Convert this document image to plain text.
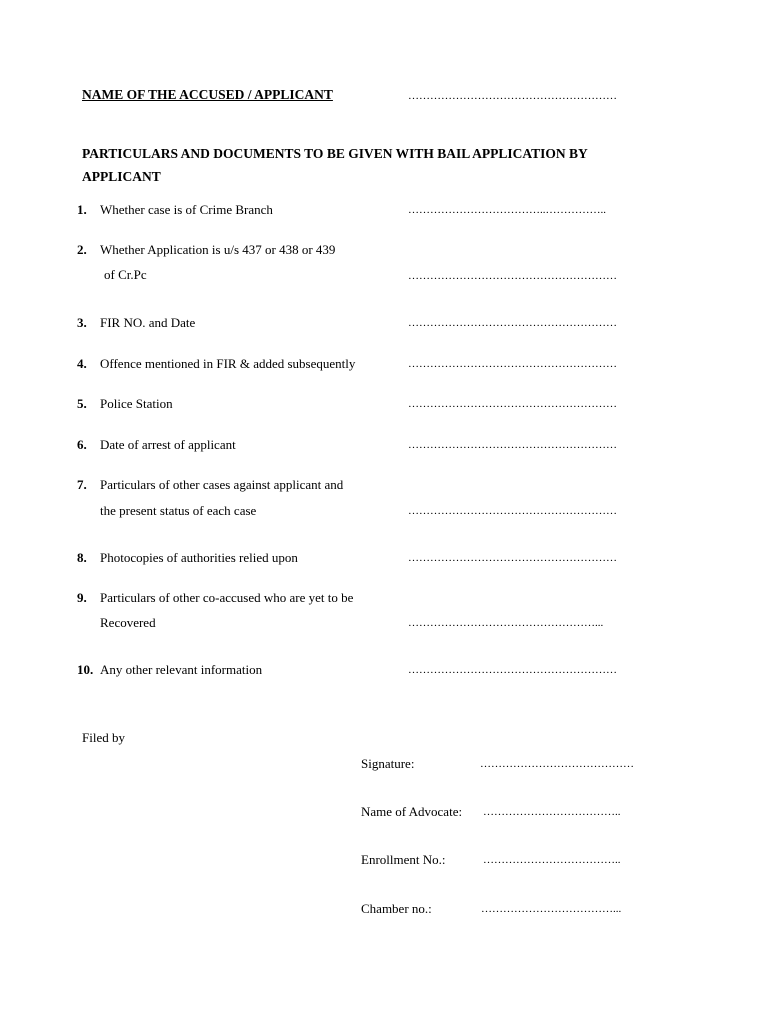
NAME OF THE ACCUSED / APPLICANT	…………………………………………………
PARTICULARS AND DOCUMENTS TO BE GIVEN WITH BAIL APPLICATION BY
APPLICANT
1. Whether case is of Crime Branch	………………………………..……………..
2. Whether Application is u/s 437 or 438 or 439
of Cr.Pc	…………………………………………………
3. FIR NO. and Date	…………………………………………………
4. Offence mentioned in FIR & added subsequently	…………………………………………………
5. Police Station	…………………………………………………
6. Date of arrest of applicant	…………………………………………………
7. Particulars of other cases against applicant and
the present status of each case	…………………………………………………
8. Photocopies of authorities relied upon	…………………………………………………
9. Particulars of other co-accused who are yet to be
Recovered	……………………………………………...
10. Any other relevant information	…………………………………………………
Filed by
Signature:	……………………………………
Name of Advocate: ………………………………..
Enrollment No.:	………………………………..
Chamber no.:	………………………………...
